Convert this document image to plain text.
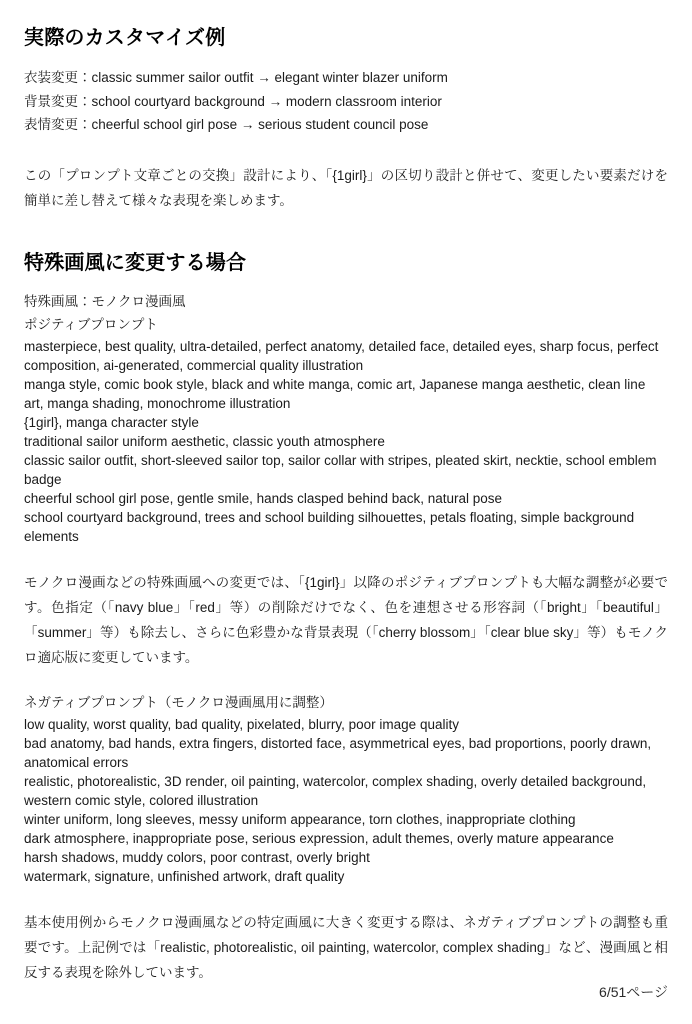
実際のカスタマイズ例
衣装変更：classic summer sailor outfit → elegant winter blazer uniform
背景変更：school courtyard background → modern classroom interior
表情変更：cheerful school girl pose → serious student council pose

この「プロンプト文章ごとの交換」設計により、「{1girl}」の区切り設計と併せて、変更したい要素だけを簡単に差し替えて様々な表現を楽しめます。

特殊画風に変更する場合

特殊画風：モノクロ漫画風

ポジティブプロンプト

masterpiece, best quality, ultra-detailed, perfect anatomy, detailed face, detailed eyes, sharp focus, perfect composition, ai-generated, commercial quality illustration
manga style, comic book style, black and white manga, comic art, Japanese manga aesthetic, clean line art, manga shading, monochrome illustration
{1girl}, manga character style
traditional sailor uniform aesthetic, classic youth atmosphere
classic sailor outfit, short-sleeved sailor top, sailor collar with stripes, pleated skirt, necktie, school emblem badge
cheerful school girl pose, gentle smile, hands clasped behind back, natural pose
school courtyard background, trees and school building silhouettes, petals floating, simple background elements

モノクロ漫画などの特殊画風への変更では、「{1girl}」以降のポジティブプロンプトも大幅な調整が必要です。色指定（「navy blue」「red」等）の削除だけでなく、色を連想させる形容詞（「bright」「beautiful」「summer」等）も除去し、さらに色彩豊かな背景表現（「cherry blossom」「clear blue sky」等）もモノクロ適応版に変更しています。

ネガティブプロンプト（モノクロ漫画風用に調整）

low quality, worst quality, bad quality, pixelated, blurry, poor image quality
bad anatomy, bad hands, extra fingers, distorted face, asymmetrical eyes, bad proportions, poorly drawn, anatomical errors
realistic, photorealistic, 3D render, oil painting, watercolor, complex shading, overly detailed background, western comic style, colored illustration
winter uniform, long sleeves, messy uniform appearance, torn clothes, inappropriate clothing
dark atmosphere, inappropriate pose, serious expression, adult themes, overly mature appearance
harsh shadows, muddy colors, poor contrast, overly bright
watermark, signature, unfinished artwork, draft quality

基本使用例からモノクロ漫画風などの特定画風に大きく変更する際は、ネガティブプロンプトの調整も重要です。上記例では「realistic, photorealistic, oil painting, watercolor, complex shading」など、漫画風と相反する表現を除外しています。

6/51ページ
